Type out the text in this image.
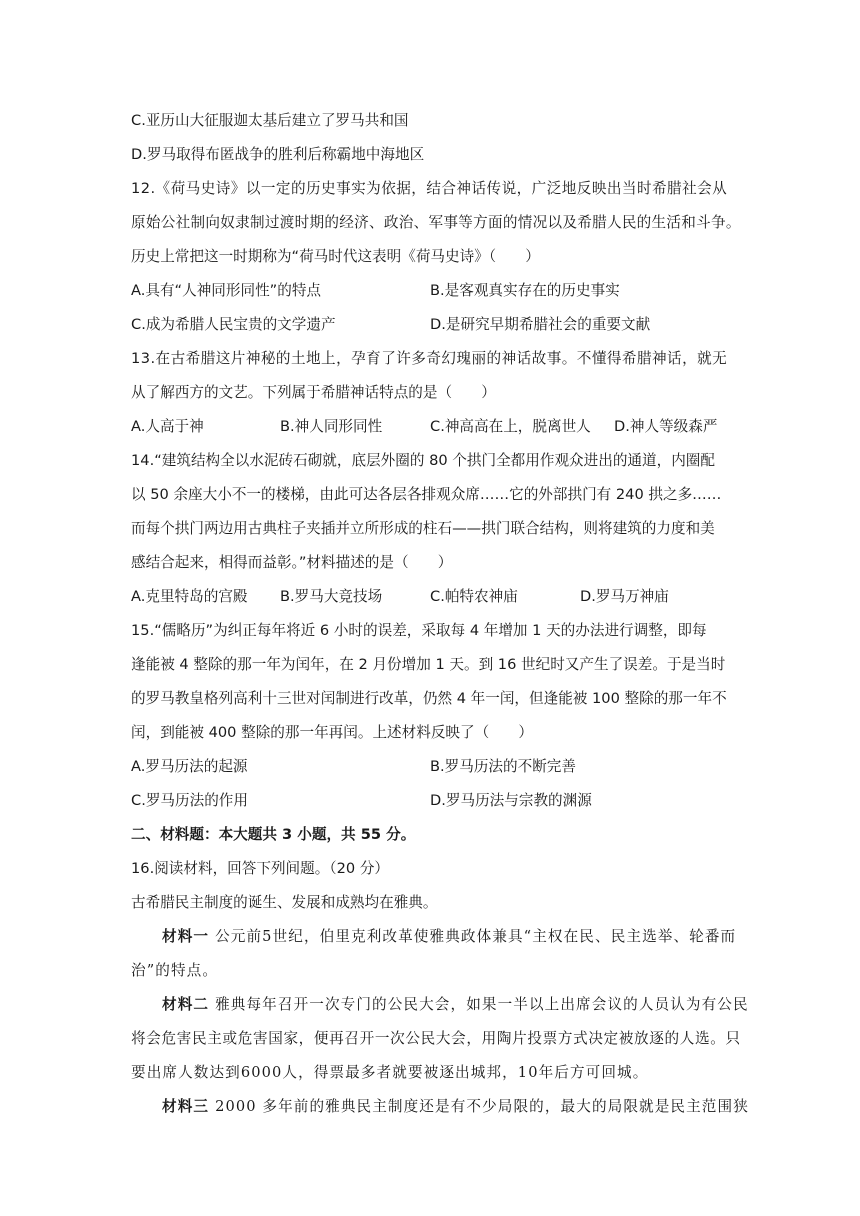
C.亚历山大征服迦太基后建立了罗马共和国
D.罗马取得布匿战争的胜利后称霸地中海地区
12.《荷马史诗》以一定的历史事实为依据，结合神话传说，广泛地反映出当时希腊社会从
原始公社制向奴隶制过渡时期的经济、政治、军事等方面的情况以及希腊人民的生活和斗争。
历史上常把这一时期称为“荷马时代这表明《荷马史诗》（　　）
A.具有“人神同形同性”的特点	B.是客观真实存在的历史事实
C.成为希腊人民宝贵的文学遗产	D.是研究早期希腊社会的重要文献
13.在古希腊这片神秘的土地上，孕育了许多奇幻瑰丽的神话故事。不懂得希腊神话，就无
从了解西方的文艺。下列属于希腊神话特点的是（　　）
A.人高于神	B.神人同形同性	C.神高高在上，脱离世人 D.神人等级森严
14.“建筑结构全以水泥砖石砌就，底层外圈的 80 个拱门全都用作观众进出的通道，内圈配
以 50 余座大小不一的楼梯，由此可达各层各排观众席……它的外部拱门有 240 拱之多……
而每个拱门两边用古典柱子夹插并立所形成的柱石——拱门联合结构，则将建筑的力度和美
感结合起来，相得而益彰。”材料描述的是（　　）
A.克里特岛的宫殿 B.罗马大竞技场	C.帕特农神庙	D.罗马万神庙
15.“儒略历”为纠正每年将近 6 小时的误差，采取每 4 年增加 1 天的办法进行调整，即每
逢能被 4 整除的那一年为闰年，在 2 月份增加 1 天。到 16 世纪时又产生了误差。于是当时
的罗马教皇格列高利十三世对闰制进行改革，仍然 4 年一闰，但逢能被 100 整除的那一年不
闰，到能被 400 整除的那一年再闰。上述材料反映了（　　）
A.罗马历法的起源	B.罗马历法的不断完善
C.罗马历法的作用	D.罗马历法与宗教的渊源
二、材料题：本大题共 3 小题，共 55 分。
16.阅读材料，回答下列间题。（20 分）
古希腊民主制度的诞生、发展和成熟均在雅典。
材料一 公元前5世纪，伯里克利改革使雅典政体兼具“主权在民、民主选举、轮番而
治”的特点。
材料二 雅典每年召开一次专门的公民大会，如果一半以上出席会议的人员认为有公民
将会危害民主或危害国家，便再召开一次公民大会，用陶片投票方式决定被放逐的人选。只
要出席人数达到6000人，得票最多者就要被逐出城邦，10年后方可回城。
材料三 2000 多年前的雅典民主制度还是有不少局限的，最大的局限就是民主范围狭
